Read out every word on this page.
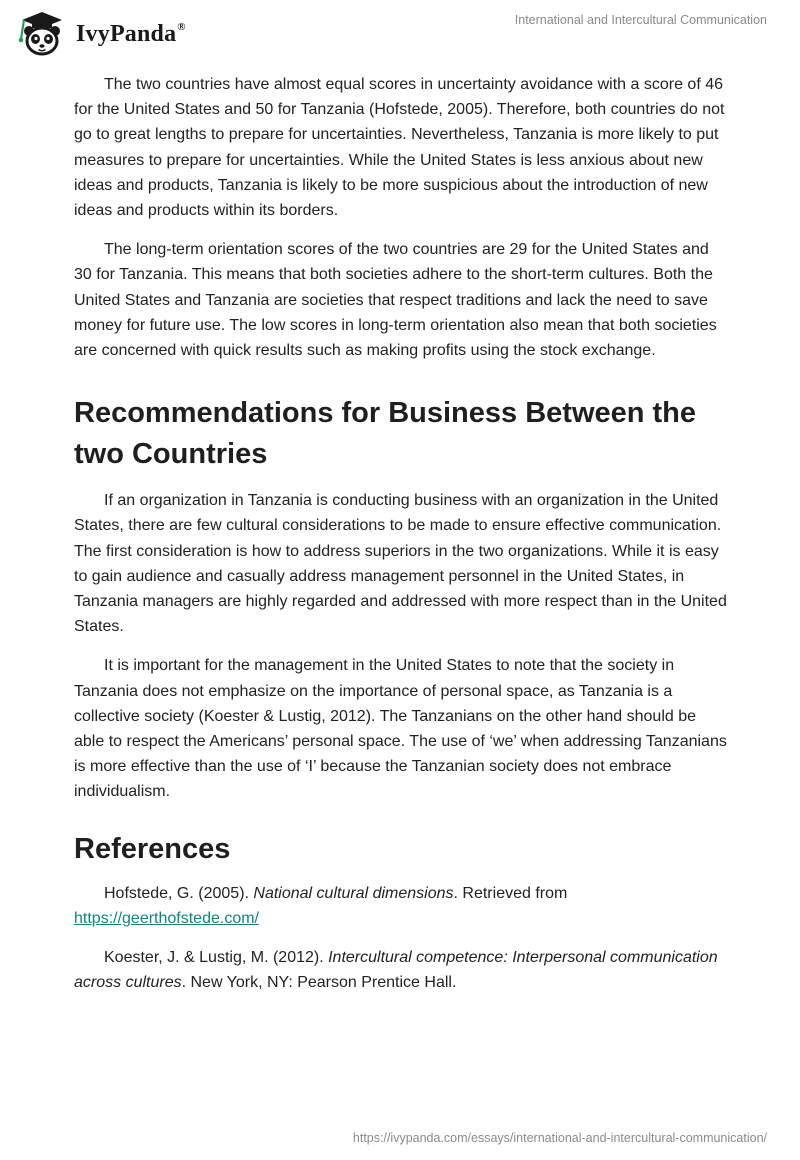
IvyPanda®	International and Intercultural Communication

The two countries have almost equal scores in uncertainty avoidance with a score of 46 for the United States and 50 for Tanzania (Hofstede, 2005). Therefore, both countries do not go to great lengths to prepare for uncertainties. Nevertheless, Tanzania is more likely to put measures to prepare for uncertainties. While the United States is less anxious about new ideas and products, Tanzania is likely to be more suspicious about the introduction of new ideas and products within its borders.

The long-term orientation scores of the two countries are 29 for the United States and 30 for Tanzania. This means that both societies adhere to the short-term cultures. Both the United States and Tanzania are societies that respect traditions and lack the need to save money for future use. The low scores in long-term orientation also mean that both societies are concerned with quick results such as making profits using the stock exchange.

Recommendations for Business Between the two Countries

If an organization in Tanzania is conducting business with an organization in the United States, there are few cultural considerations to be made to ensure effective communication. The first consideration is how to address superiors in the two organizations. While it is easy to gain audience and casually address management personnel in the United States, in Tanzania managers are highly regarded and addressed with more respect than in the United States.

It is important for the management in the United States to note that the society in Tanzania does not emphasize on the importance of personal space, as Tanzania is a collective society (Koester & Lustig, 2012). The Tanzanians on the other hand should be able to respect the Americans’ personal space. The use of ‘we’ when addressing Tanzanians is more effective than the use of ‘I’ because the Tanzanian society does not embrace individualism.

References

Hofstede, G. (2005). National cultural dimensions. Retrieved from https://geerthofstede.com/

Koester, J. & Lustig, M. (2012). Intercultural competence: Interpersonal communication across cultures. New York, NY: Pearson Prentice Hall.

https://ivypanda.com/essays/international-and-intercultural-communication/
